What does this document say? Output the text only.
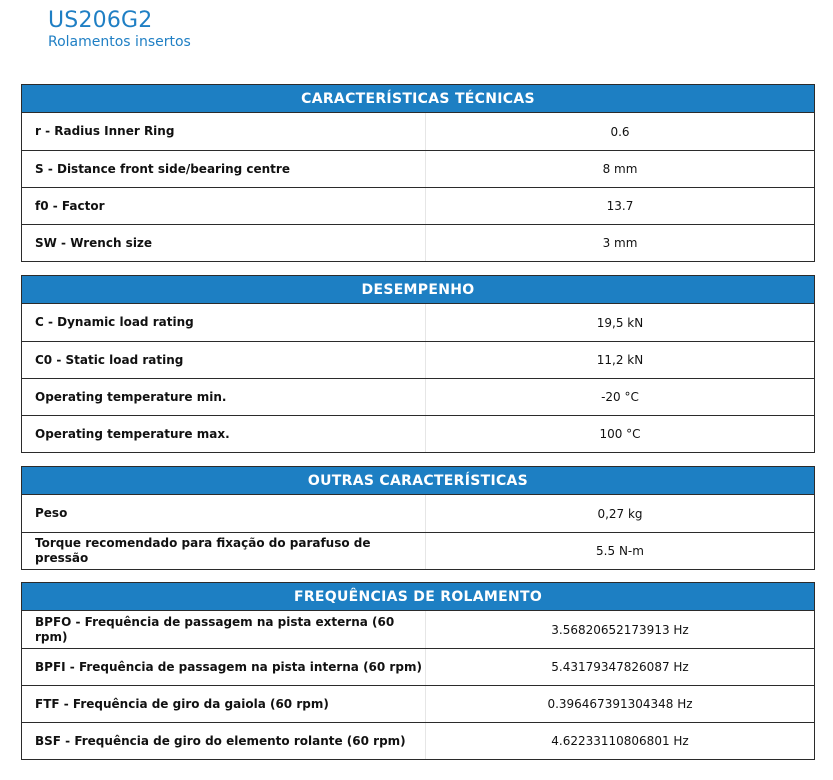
US206G2
Rolamentos insertos
CARACTERÍSTICAS TÉCNICAS
r - Radius Inner Ring	0.6
S - Distance front side/bearing centre	8 mm
f0 - Factor	13.7
SW - Wrench size	3 mm
DESEMPENHO
C - Dynamic load rating	19,5 kN
C0 - Static load rating	11,2 kN
Operating temperature min.	-20 °C
Operating temperature max.	100 °C
OUTRAS CARACTERÍSTICAS
Peso	0,27 kg
Torque recomendado para fixação do parafuso de pressão	5.5 N-m
FREQUÊNCIAS DE ROLAMENTO
BPFO - Frequência de passagem na pista externa (60 rpm)	3.56820652173913 Hz
BPFI - Frequência de passagem na pista interna (60 rpm)	5.43179347826087 Hz
FTF - Frequência de giro da gaiola (60 rpm)	0.396467391304348 Hz
BSF - Frequência de giro do elemento rolante (60 rpm)	4.62233110806801 Hz
